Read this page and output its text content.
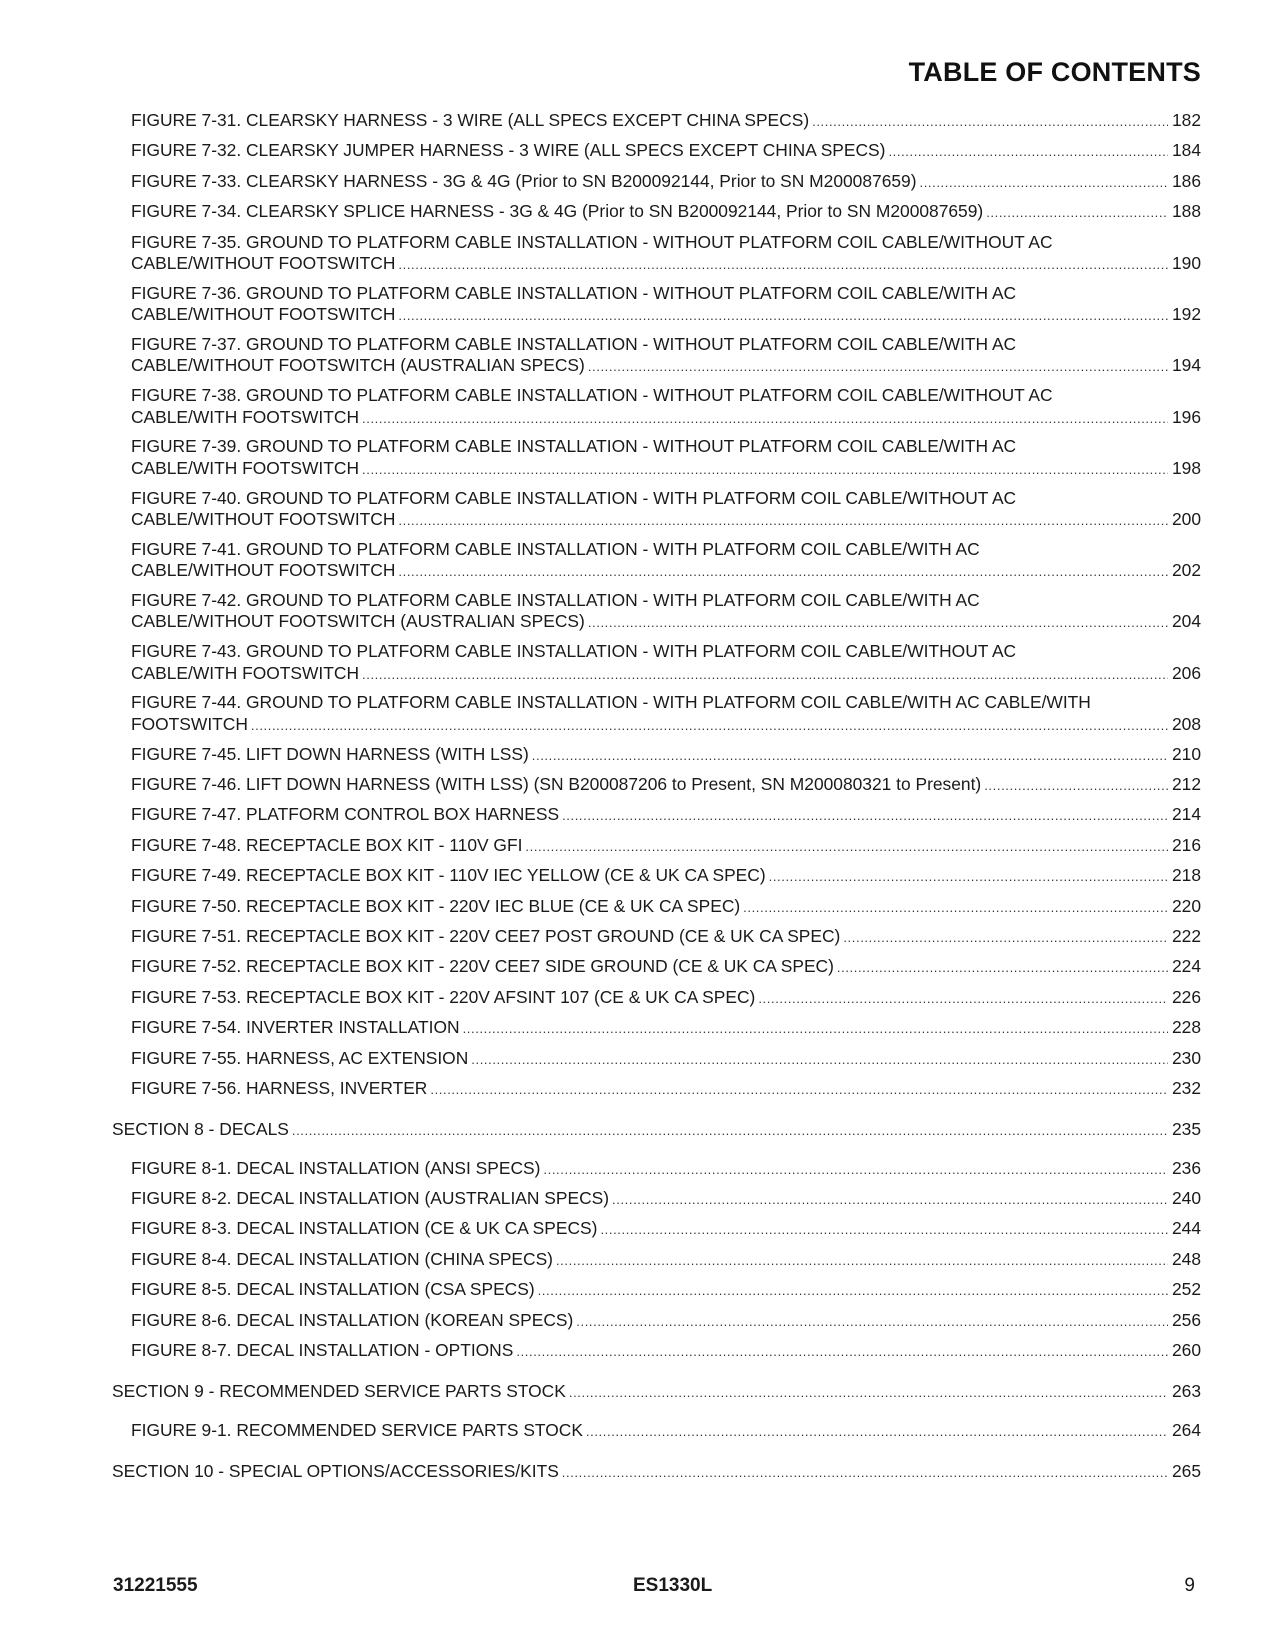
TABLE OF CONTENTS
FIGURE 7-31. CLEARSKY HARNESS - 3 WIRE (ALL SPECS EXCEPT CHINA SPECS) .....	182
FIGURE 7-32. CLEARSKY JUMPER HARNESS - 3 WIRE (ALL SPECS EXCEPT CHINA SPECS) .....	184
FIGURE 7-33. CLEARSKY HARNESS - 3G & 4G (Prior to SN B200092144, Prior to SN M200087659) .....	186
FIGURE 7-34. CLEARSKY SPLICE HARNESS - 3G & 4G (Prior to SN B200092144, Prior to SN M200087659) .....	188
FIGURE 7-35. GROUND TO PLATFORM CABLE INSTALLATION - WITHOUT PLATFORM COIL CABLE/WITHOUT AC
CABLE/WITHOUT FOOTSWITCH .....	190
FIGURE 7-36. GROUND TO PLATFORM CABLE INSTALLATION - WITHOUT PLATFORM COIL CABLE/WITH AC
CABLE/WITHOUT FOOTSWITCH .....	192
FIGURE 7-37. GROUND TO PLATFORM CABLE INSTALLATION - WITHOUT PLATFORM COIL CABLE/WITH AC
CABLE/WITHOUT FOOTSWITCH (AUSTRALIAN SPECS) .....	194
FIGURE 7-38. GROUND TO PLATFORM CABLE INSTALLATION - WITHOUT PLATFORM COIL CABLE/WITHOUT AC
CABLE/WITH FOOTSWITCH .....	196
FIGURE 7-39. GROUND TO PLATFORM CABLE INSTALLATION - WITHOUT PLATFORM COIL CABLE/WITH AC
CABLE/WITH FOOTSWITCH .....	198
FIGURE 7-40. GROUND TO PLATFORM CABLE INSTALLATION - WITH PLATFORM COIL CABLE/WITHOUT AC
CABLE/WITHOUT FOOTSWITCH .....	200
FIGURE 7-41. GROUND TO PLATFORM CABLE INSTALLATION - WITH PLATFORM COIL CABLE/WITH AC
CABLE/WITHOUT FOOTSWITCH .....	202
FIGURE 7-42. GROUND TO PLATFORM CABLE INSTALLATION - WITH PLATFORM COIL CABLE/WITH AC
CABLE/WITHOUT FOOTSWITCH (AUSTRALIAN SPECS) .....	204
FIGURE 7-43. GROUND TO PLATFORM CABLE INSTALLATION - WITH PLATFORM COIL CABLE/WITHOUT AC
CABLE/WITH FOOTSWITCH .....	206
FIGURE 7-44. GROUND TO PLATFORM CABLE INSTALLATION - WITH PLATFORM COIL CABLE/WITH AC CABLE/WITH
FOOTSWITCH .....	208
FIGURE 7-45. LIFT DOWN HARNESS (WITH LSS) .....	210
FIGURE 7-46. LIFT DOWN HARNESS (WITH LSS) (SN B200087206 to Present, SN M200080321 to Present) .....	212
FIGURE 7-47. PLATFORM CONTROL BOX HARNESS .....	214
FIGURE 7-48. RECEPTACLE BOX KIT - 110V GFI .....	216
FIGURE 7-49. RECEPTACLE BOX KIT - 110V IEC YELLOW (CE & UK CA SPEC) .....	218
FIGURE 7-50. RECEPTACLE BOX KIT - 220V IEC BLUE (CE & UK CA SPEC) .....	220
FIGURE 7-51. RECEPTACLE BOX KIT - 220V CEE7 POST GROUND (CE & UK CA SPEC) .....	222
FIGURE 7-52. RECEPTACLE BOX KIT - 220V CEE7 SIDE GROUND (CE & UK CA SPEC) .....	224
FIGURE 7-53. RECEPTACLE BOX KIT - 220V AFSINT 107 (CE & UK CA SPEC) .....	226
FIGURE 7-54. INVERTER INSTALLATION .....	228
FIGURE 7-55. HARNESS, AC EXTENSION .....	230
FIGURE 7-56. HARNESS, INVERTER .....	232
SECTION 8 - DECALS .....	235
FIGURE 8-1. DECAL INSTALLATION (ANSI SPECS) .....	236
FIGURE 8-2. DECAL INSTALLATION (AUSTRALIAN SPECS) .....	240
FIGURE 8-3. DECAL INSTALLATION (CE & UK CA SPECS) .....	244
FIGURE 8-4. DECAL INSTALLATION (CHINA SPECS) .....	248
FIGURE 8-5. DECAL INSTALLATION (CSA SPECS) .....	252
FIGURE 8-6. DECAL INSTALLATION (KOREAN SPECS) .....	256
FIGURE 8-7. DECAL INSTALLATION - OPTIONS .....	260
SECTION 9 - RECOMMENDED SERVICE PARTS STOCK .....	263
FIGURE 9-1. RECOMMENDED SERVICE PARTS STOCK .....	264
SECTION 10 - SPECIAL OPTIONS/ACCESSORIES/KITS .....	265
31221555	ES1330L	9
